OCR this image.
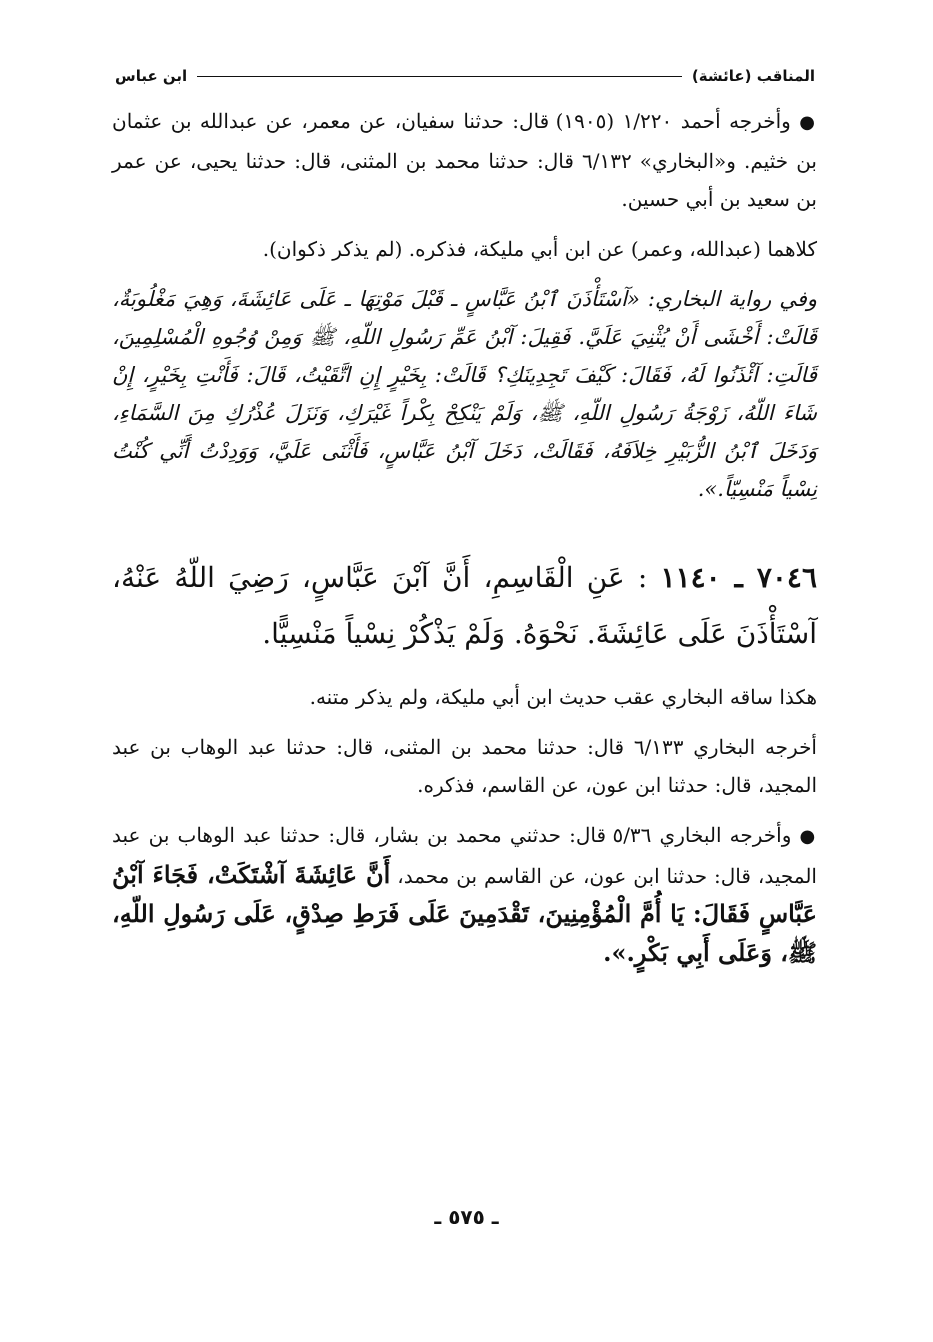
المناقب (عائشة)
ابن عباس

● وأخرجه أحمد ١/٢٢٠ (١٩٠٥) قال: حدثنا سفيان، عن معمر، عن عبدالله بن عثمان بن خثيم. و«البخاري» ٦/١٣٢ قال: حدثنا محمد بن المثنى، قال: حدثنا يحيى، عن عمر بن سعيد بن أبي حسين.

كلاهما (عبدالله، وعمر) عن ابن أبي مليكة، فذكره. (لم يذكر ذكوان).

وفي رواية البخاري: «آسْتَأْذَنَ ٱبْنُ عَبَّاسٍ ـ قَبْلَ مَوْتِهَا ـ عَلَى عَائِشَةَ، وَهِيَ مَغْلُوبَةٌ، قَالَتْ: أَخْشَى أَنْ يُثْنِيَ عَلَيَّ. فَقِيلَ: آبْنُ عَمِّ رَسُولِ اللّهِ، ﷺ وَمِنْ وُجُوهِ الْمُسْلِمِينَ، قَالَتِ: آئْذَنُوا لَهُ، فَقَالَ: كَيْفَ تَجِدِينَكِ؟ قَالَتْ: بِخَيْرٍ إِنِ اتَّقَيْتُ، قَالَ: فَأَنْتِ بِخَيْرٍ، إِنْ شَاءَ اللّهُ، زَوْجَةُ رَسُولِ اللّهِ، ﷺ، وَلَمْ يَنْكِحْ بِكْراً غَيْرَكِ، وَنَزَلَ عُذْرُكِ مِنَ السَّمَاءِ، وَدَخَلَ ٱبْنُ الزُّبَيْرِ خِلاَفَهُ، فَقَالَتْ، دَخَلَ آبْنُ عَبَّاسٍ، فَأَثْنَى عَلَيَّ، وَوَدِدْتُ أَنِّي كُنْتُ نِسْياً مَنْسِيّاً.».

٧٠٤٦ ـ ١١٤٠ : عَنِ الْقَاسِمِ، أَنَّ آبْنَ عَبَّاسٍ، رَضِيَ اللّهُ عَنْهُ، آسْتَأْذَنَ عَلَى عَائِشَةَ. نَحْوَهُ. وَلَمْ يَذْكُرْ نِسْياً مَنْسِيًّا.

هكذا ساقه البخاري عقب حديث ابن أبي مليكة، ولم يذكر متنه.

أخرجه البخاري ٦/١٣٣ قال: حدثنا محمد بن المثنى، قال: حدثنا عبد الوهاب بن عبد المجيد، قال: حدثنا ابن عون، عن القاسم، فذكره.

● وأخرجه البخاري ٥/٣٦ قال: حدثني محمد بن بشار، قال: حدثنا عبد الوهاب بن عبد المجيد، قال: حدثنا ابن عون، عن القاسم بن محمد، أَنَّ عَائِشَةَ آشْتَكَتْ، فَجَاءَ آبْنُ عَبَّاسٍ فَقَالَ: يَا أُمَّ الْمُؤْمِنِينَ، تَقْدَمِينَ عَلَى فَرَطِ صِدْقٍ، عَلَى رَسُولِ اللّهِ، ﷺ، وَعَلَى أَبِي بَكْرٍ.».

ـ ٥٧٥ ـ
